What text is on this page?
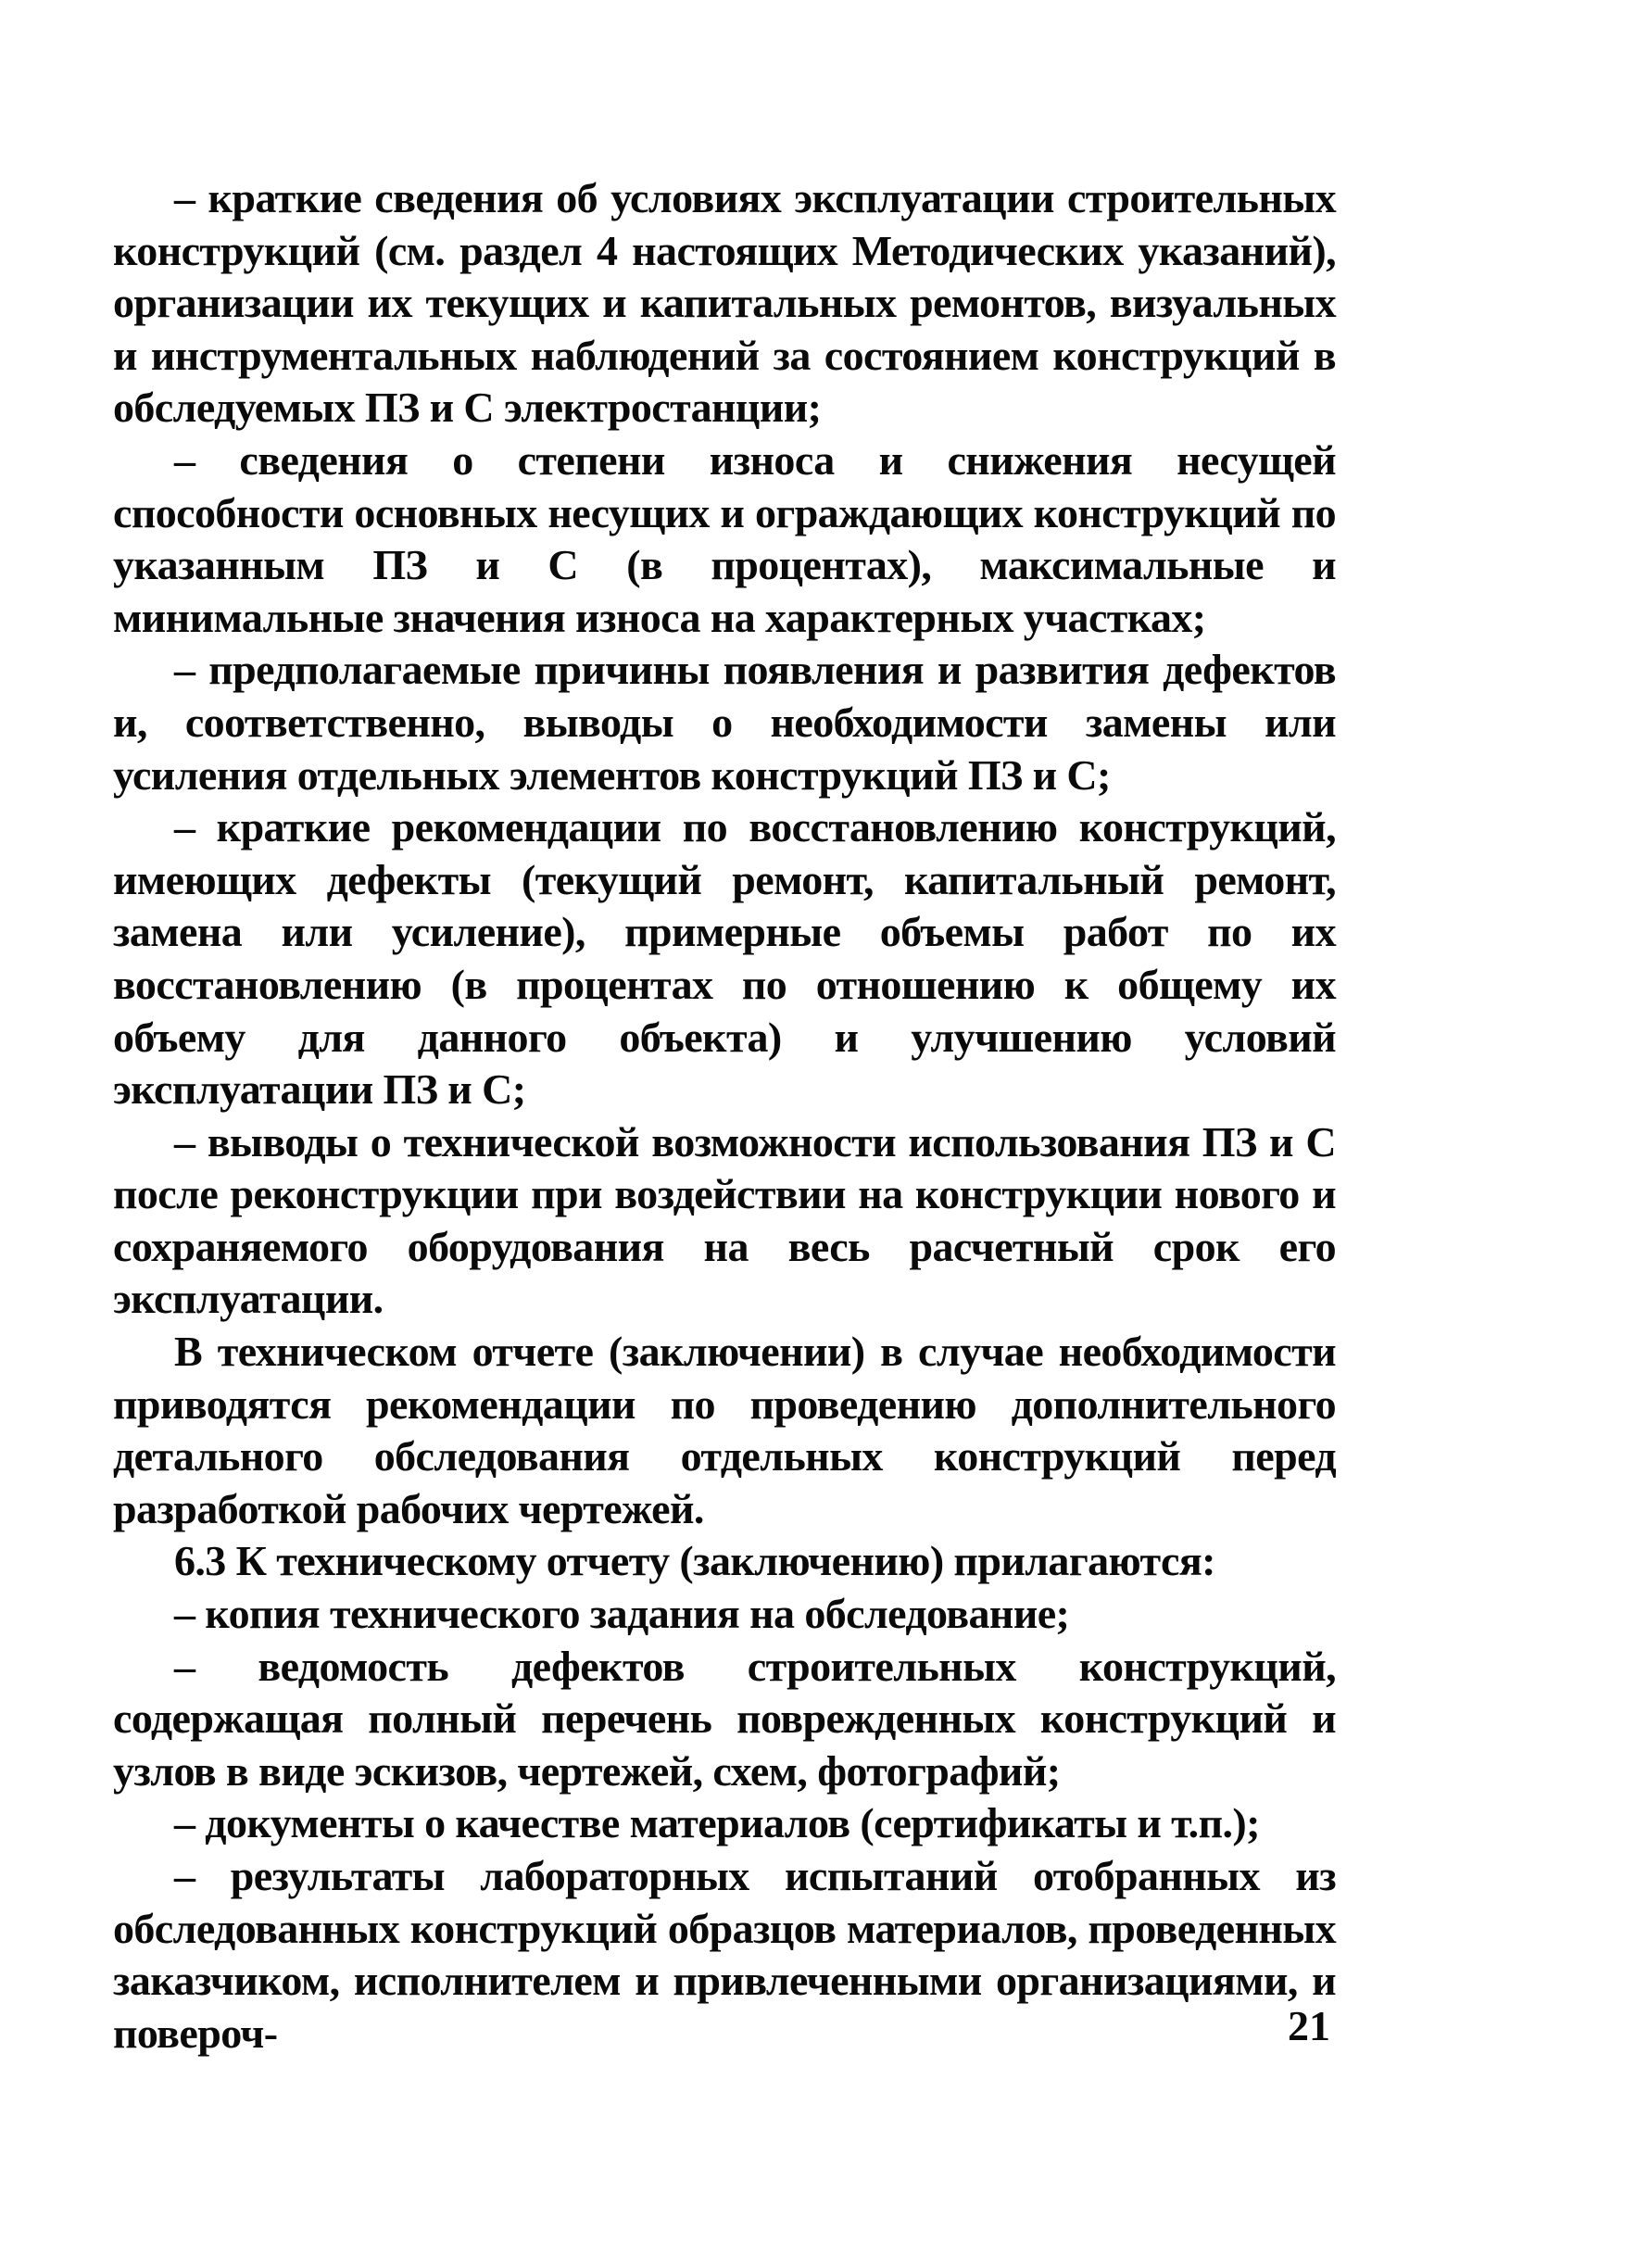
– краткие сведения об условиях эксплуатации строительных конструкций (см. раздел 4 настоящих Методических указаний), организации их текущих и капитальных ремонтов, визуальных и инструментальных наблюдений за состоянием конструкций в обследуемых ПЗ и С электростанции;

– сведения о степени износа и снижения несущей способности основных несущих и ограждающих конструкций по указанным ПЗ и С (в процентах), максимальные и минимальные значения износа на характерных участках;

– предполагаемые причины появления и развития дефектов и, соответственно, выводы о необходимости замены или усиления отдельных элементов конструкций ПЗ и С;

– краткие рекомендации по восстановлению конструкций, имеющих дефекты (текущий ремонт, капитальный ремонт, замена или усиление), примерные объемы работ по их восстановлению (в процентах по отношению к общему их объему для данного объекта) и улучшению условий эксплуатации ПЗ и С;

– выводы о технической возможности использования ПЗ и С после реконструкции при воздействии на конструкции нового и сохраняемого оборудования на весь расчетный срок его эксплуатации.

В техническом отчете (заключении) в случае необходимости приводятся рекомендации по проведению дополнительного детального обследования отдельных конструкций перед разработкой рабочих чертежей.

6.3 К техническому отчету (заключению) прилагаются:

– копия технического задания на обследование;

– ведомость дефектов строительных конструкций, содержащая полный перечень поврежденных конструкций и узлов в виде эскизов, чертежей, схем, фотографий;

– документы о качестве материалов (сертификаты и т.п.);

– результаты лабораторных испытаний отобранных из обследованных конструкций образцов материалов, проведенных заказчиком, исполнителем и привлеченными организациями, и повероч-	21
